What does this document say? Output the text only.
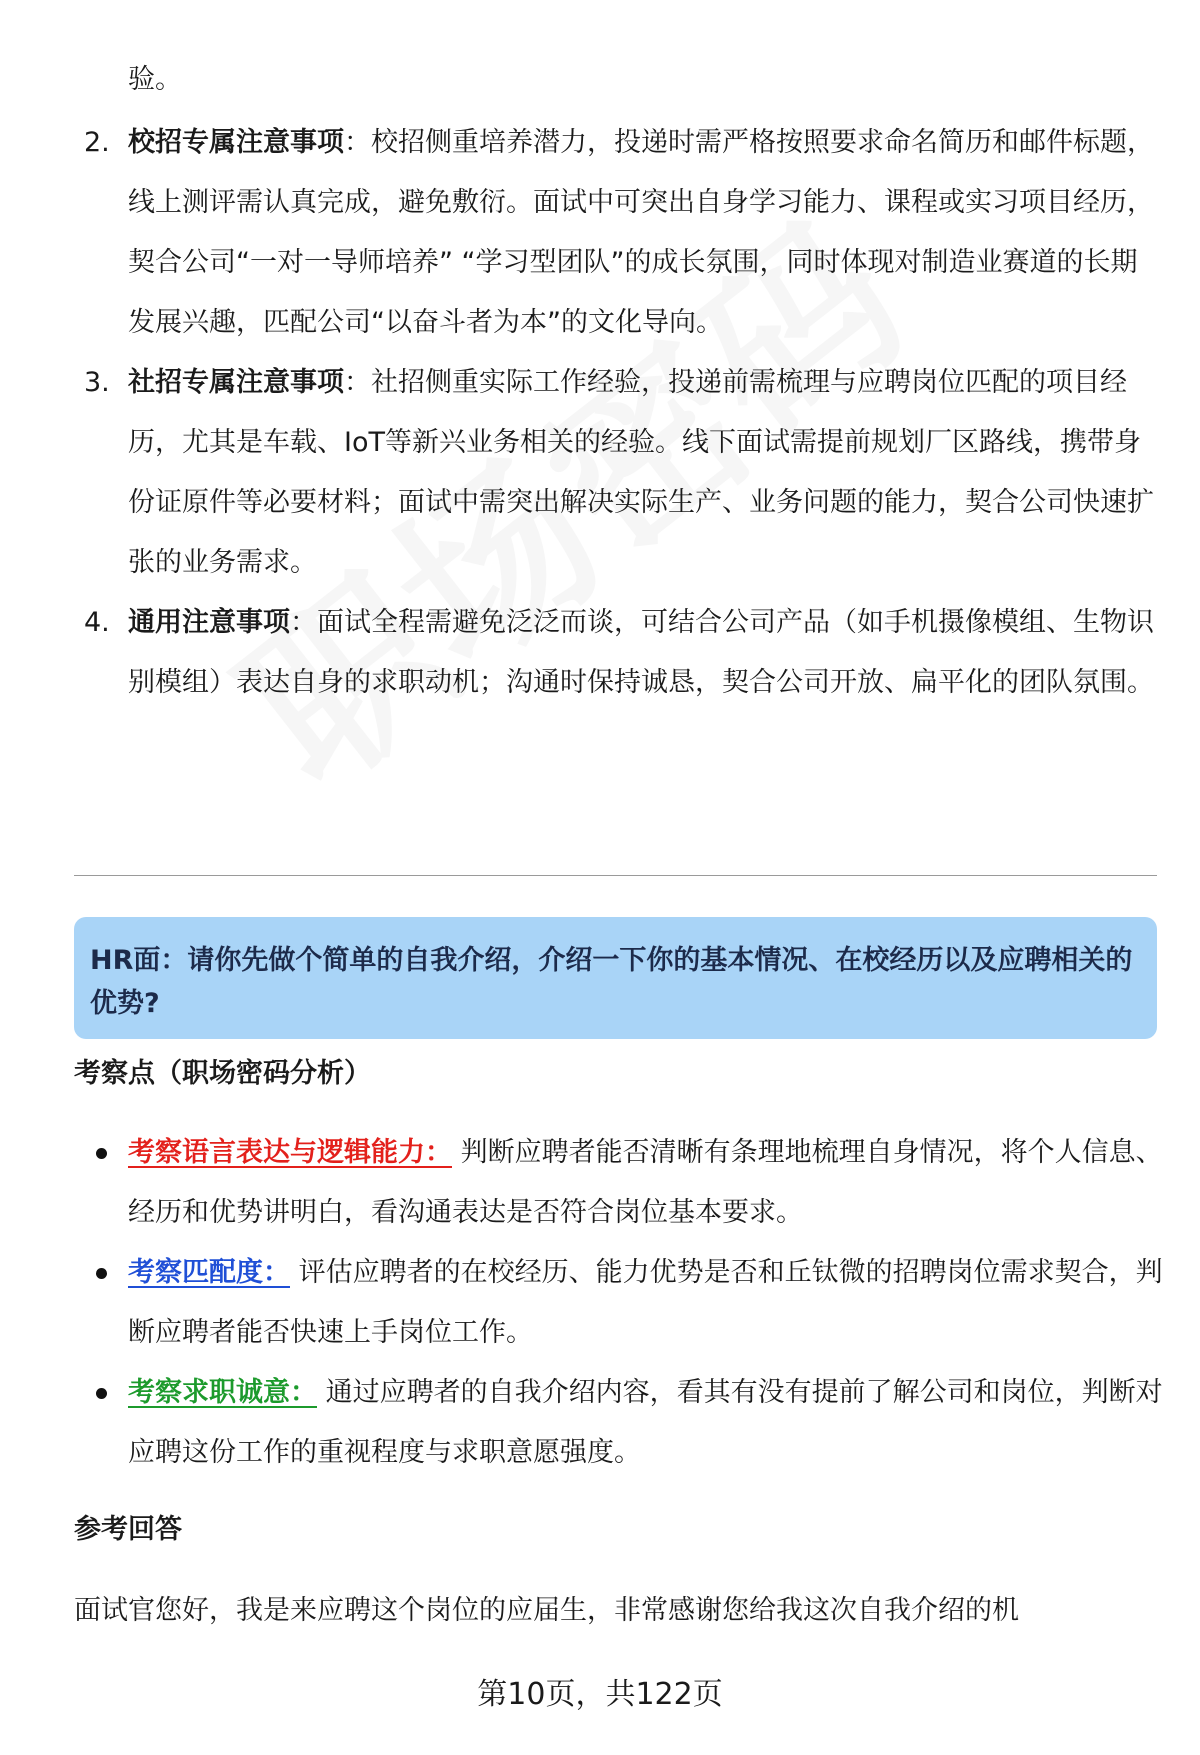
验。
2. 校招专属注意事项：校招侧重培养潜力，投递时需严格按照要求命名简历和邮件标题，线上测评需认真完成，避免敷衍。面试中可突出自身学习能力、课程或实习项目经历，契合公司“一对一导师培养” “学习型团队”的成长氛围，同时体现对制造业赛道的长期发展兴趣，匹配公司“以奋斗者为本”的文化导向。
3. 社招专属注意事项：社招侧重实际工作经验，投递前需梳理与应聘岗位匹配的项目经历，尤其是车载、IoT等新兴业务相关的经验。线下面试需提前规划厂区路线，携带身份证原件等必要材料；面试中需突出解决实际生产、业务问题的能力，契合公司快速扩张的业务需求。
4. 通用注意事项：面试全程需避免泛泛而谈，可结合公司产品（如手机摄像模组、生物识别模组）表达自身的求职动机；沟通时保持诚恳，契合公司开放、扁平化的团队氛围。
HR面：请你先做个简单的自我介绍，介绍一下你的基本情况、在校经历以及应聘相关的优势?
考察点（职场密码分析）
考察语言表达与逻辑能力： 判断应聘者能否清晰有条理地梳理自身情况，将个人信息、经历和优势讲明白，看沟通表达是否符合岗位基本要求。
考察匹配度： 评估应聘者的在校经历、能力优势是否和丘钛微的招聘岗位需求契合，判断应聘者能否快速上手岗位工作。
考察求职诚意： 通过应聘者的自我介绍内容，看其有没有提前了解公司和岗位，判断对应聘这份工作的重视程度与求职意愿强度。
参考回答
面试官您好，我是来应聘这个岗位的应届生，非常感谢您给我这次自我介绍的机
第10页，共122页
